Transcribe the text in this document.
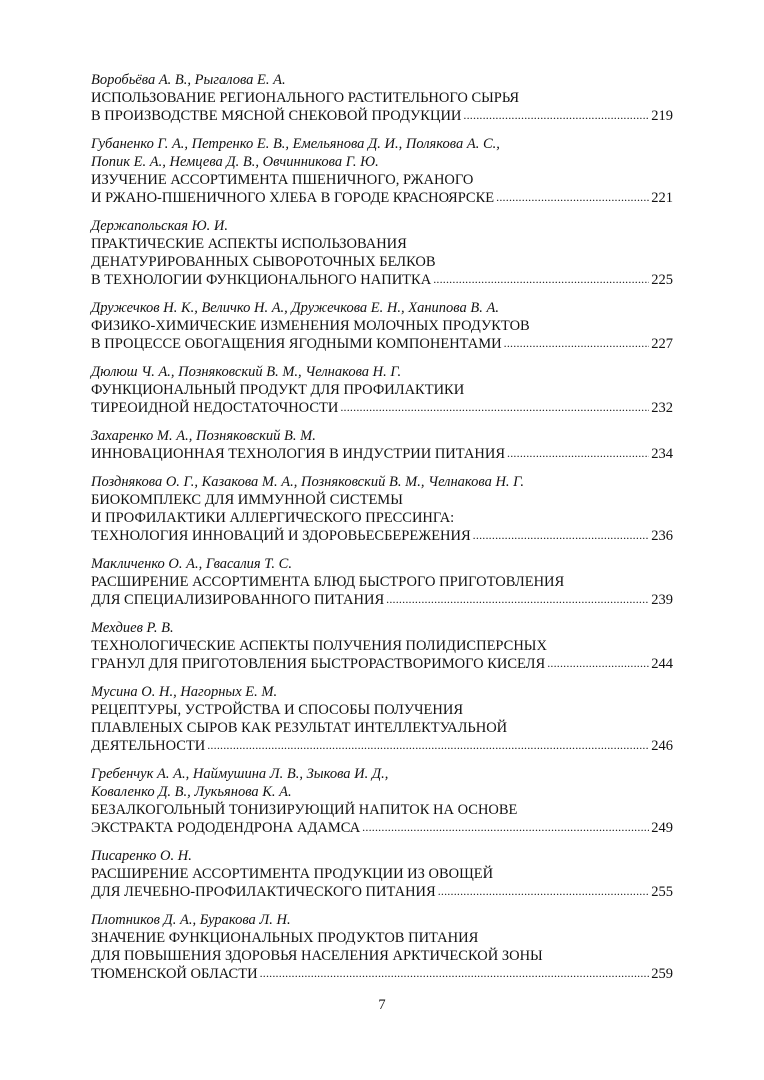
Воробьёва А. В., Рыгалова Е. А.
ИСПОЛЬЗОВАНИЕ РЕГИОНАЛЬНОГО РАСТИТЕЛЬНОГО СЫРЬЯ
В ПРОИЗВОДСТВЕ МЯСНОЙ СНЕКОВОЙ ПРОДУКЦИИ .....	219
Губаненко Г. А., Петренко Е. В., Емельянова Д. И., Полякова А. С.,
Попик Е. А., Немцева Д. В., Овчинникова Г. Ю.
ИЗУЧЕНИЕ АССОРТИМЕНТА ПШЕНИЧНОГО, РЖАНОГО
И РЖАНО-ПШЕНИЧНОГО ХЛЕБА В ГОРОДЕ КРАСНОЯРСКЕ .....	221
Держапольская Ю. И.
ПРАКТИЧЕСКИЕ АСПЕКТЫ ИСПОЛЬЗОВАНИЯ
ДЕНАТУРИРОВАННЫХ СЫВОРОТОЧНЫХ БЕЛКОВ
В ТЕХНОЛОГИИ ФУНКЦИОНАЛЬНОГО НАПИТКА .....	225
Дружечков Н. К., Величко Н. А., Дружечкова Е. Н., Ханипова В. А.
ФИЗИКО-ХИМИЧЕСКИЕ ИЗМЕНЕНИЯ МОЛОЧНЫХ ПРОДУКТОВ
В ПРОЦЕССЕ ОБОГАЩЕНИЯ ЯГОДНЫМИ КОМПОНЕНТАМИ .....	227
Дюлюш Ч. А., Позняковский В. М., Челнакова Н. Г.
ФУНКЦИОНАЛЬНЫЙ ПРОДУКТ ДЛЯ ПРОФИЛАКТИКИ
ТИРЕОИДНОЙ НЕДОСТАТОЧНОСТИ .....	232
Захаренко М. А., Позняковский В. М.
ИННОВАЦИОННАЯ ТЕХНОЛОГИЯ В ИНДУСТРИИ ПИТАНИЯ .....	234
Позднякова О. Г., Казакова М. А., Позняковский В. М., Челнакова Н. Г.
БИОКОМПЛЕКС ДЛЯ ИММУННОЙ СИСТЕМЫ
И ПРОФИЛАКТИКИ АЛЛЕРГИЧЕСКОГО ПРЕССИНГА:
ТЕХНОЛОГИЯ ИННОВАЦИЙ И ЗДОРОВЬЕСБЕРЕЖЕНИЯ .....	236
Макличенко О. А., Гвасалия Т. С.
РАСШИРЕНИЕ АССОРТИМЕНТА БЛЮД БЫСТРОГО ПРИГОТОВЛЕНИЯ
ДЛЯ СПЕЦИАЛИЗИРОВАННОГО ПИТАНИЯ .....	239
Мехдиев Р. В.
ТЕХНОЛОГИЧЕСКИЕ АСПЕКТЫ ПОЛУЧЕНИЯ ПОЛИДИСПЕРСНЫХ
ГРАНУЛ ДЛЯ ПРИГОТОВЛЕНИЯ БЫСТРОРАСТВОРИМОГО КИСЕЛЯ .....	244
Мусина О. Н., Нагорных Е. М.
РЕЦЕПТУРЫ, УСТРОЙСТВА И СПОСОБЫ ПОЛУЧЕНИЯ
ПЛАВЛЕНЫХ СЫРОВ КАК РЕЗУЛЬТАТ ИНТЕЛЛЕКТУАЛЬНОЙ
ДЕЯТЕЛЬНОСТИ .....	246
Гребенчук А. А., Наймушина Л. В., Зыкова И. Д.,
Коваленко Д. В., Лукьянова К. А.
БЕЗАЛКОГОЛЬНЫЙ ТОНИЗИРУЮЩИЙ НАПИТОК НА ОСНОВЕ
ЭКСТРАКТА РОДОДЕНДРОНА АДАМСА .....	249
Писаренко О. Н.
РАСШИРЕНИЕ АССОРТИМЕНТА ПРОДУКЦИИ ИЗ ОВОЩЕЙ
ДЛЯ ЛЕЧЕБНО-ПРОФИЛАКТИЧЕСКОГО ПИТАНИЯ .....	255
Плотников Д. А., Буракова Л. Н.
ЗНАЧЕНИЕ ФУНКЦИОНАЛЬНЫХ ПРОДУКТОВ ПИТАНИЯ
ДЛЯ ПОВЫШЕНИЯ ЗДОРОВЬЯ НАСЕЛЕНИЯ АРКТИЧЕСКОЙ ЗОНЫ
ТЮМЕНСКОЙ ОБЛАСТИ .....	259
7
